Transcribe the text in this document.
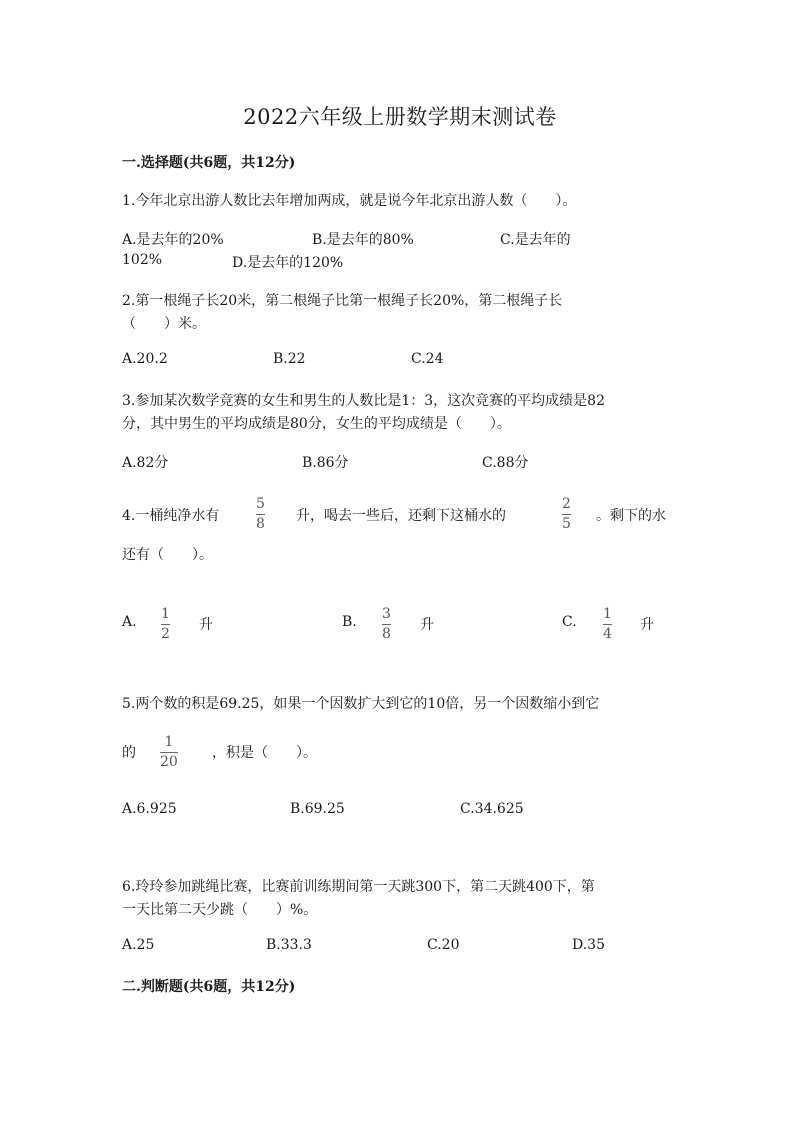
2022六年级上册数学期末测试卷
一.选择题(共6题，共12分)
1.今年北京出游人数比去年增加两成，就是说今年北京出游人数（　　）。
A.是去年的20%	B.是去年的80%	C.是去年的
102%	D.是去年的120%
2.第一根绳子长20米，第二根绳子比第一根绳子长20%，第二根绳子长
（　　）米。
A.20.2	B.22	C.24
3.参加某次数学竞赛的女生和男生的人数比是1：3，这次竞赛的平均成绩是82
分，其中男生的平均成绩是80分，女生的平均成绩是（　　）。
A.82分	B.86分	C.88分
4.一桶纯净水有
5
8 升，喝去一些后，还剩下这桶水的
2
5 。剩下的水
还有（　　）。
A. 1
2
升	B. 3
8
升	C. 1
4
升
5.两个数的积是69.25，如果一个因数扩大到它的10倍，另一个因数缩小到它
的
1
20
，积是（　　）。
A.6.925	B.69.25	C.34.625
6.玲玲参加跳绳比赛，比赛前训练期间第一天跳300下，第二天跳400下，第
一天比第二天少跳（　　）%。
A.25	B.33.3	C.20	D.35
二.判断题(共6题，共12分)
